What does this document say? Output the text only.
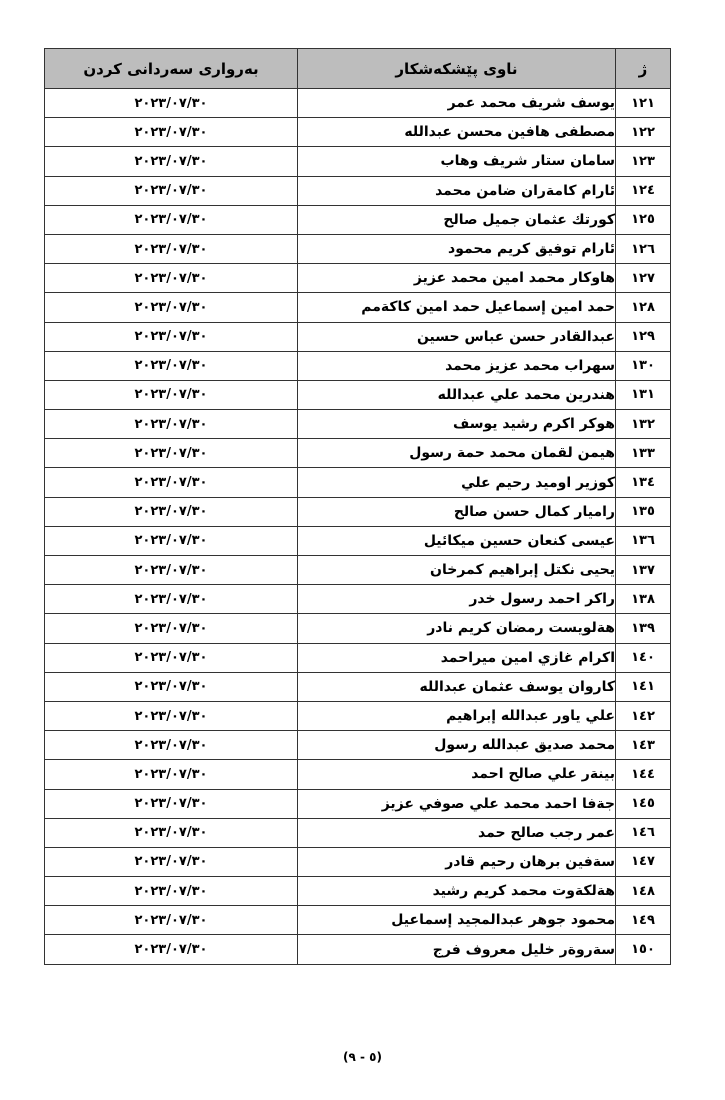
ژ	ناوی پێشکەشکار	بەرواری سەردانی کردن
١٢١	يوسف شريف محمد عمر	٢٠٢٣/٠٧/٣٠
١٢٢	مصطفى هافين محسن عبدالله	٢٠٢٣/٠٧/٣٠
١٢٣	سامان ستار شريف وهاب	٢٠٢٣/٠٧/٣٠
١٢٤	ئارام كامةران ضامن محمد	٢٠٢٣/٠٧/٣٠
١٢٥	كورتك عثمان جميل صالح	٢٠٢٣/٠٧/٣٠
١٢٦	ئارام توفيق كريم محمود	٢٠٢٣/٠٧/٣٠
١٢٧	هاوكار محمد امين محمد عزيز	٢٠٢٣/٠٧/٣٠
١٢٨	حمد امين إسماعيل حمد امين كاكةمم	٢٠٢٣/٠٧/٣٠
١٢٩	عبدالقادر حسن عباس حسين	٢٠٢٣/٠٧/٣٠
١٣٠	سهراب محمد عزيز محمد	٢٠٢٣/٠٧/٣٠
١٣١	هندرين محمد علي عبدالله	٢٠٢٣/٠٧/٣٠
١٣٢	هوكر اكرم رشيد يوسف	٢٠٢٣/٠٧/٣٠
١٣٣	هيمن لقمان محمد حمة رسول	٢٠٢٣/٠٧/٣٠
١٣٤	كوزير اوميد رحيم علي	٢٠٢٣/٠٧/٣٠
١٣٥	راميار كمال حسن صالح	٢٠٢٣/٠٧/٣٠
١٣٦	عيسى كنعان حسين ميكائيل	٢٠٢٣/٠٧/٣٠
١٣٧	يحيى نكتل إبراهيم كمرخان	٢٠٢٣/٠٧/٣٠
١٣٨	راكر احمد رسول خدر	٢٠٢٣/٠٧/٣٠
١٣٩	هةلويست رمضان كريم نادر	٢٠٢٣/٠٧/٣٠
١٤٠	اكرام غازي امين ميراحمد	٢٠٢٣/٠٧/٣٠
١٤١	كاروان يوسف عثمان عبدالله	٢٠٢٣/٠٧/٣٠
١٤٢	علي ياور عبدالله إبراهيم	٢٠٢٣/٠٧/٣٠
١٤٣	محمد صديق عبدالله رسول	٢٠٢٣/٠٧/٣٠
١٤٤	بينةر علي صالح احمد	٢٠٢٣/٠٧/٣٠
١٤٥	جةفا احمد محمد علي صوفي عزيز	٢٠٢٣/٠٧/٣٠
١٤٦	عمر رجب صالح حمد	٢٠٢٣/٠٧/٣٠
١٤٧	سةفين برهان رحيم قادر	٢٠٢٣/٠٧/٣٠
١٤٨	هةلكةوت محمد كريم رشيد	٢٠٢٣/٠٧/٣٠
١٤٩	محمود جوهر عبدالمجيد إسماعيل	٢٠٢٣/٠٧/٣٠
١٥٠	سةروةر خليل معروف فرج	٢٠٢٣/٠٧/٣٠
(٥ - ٩)
